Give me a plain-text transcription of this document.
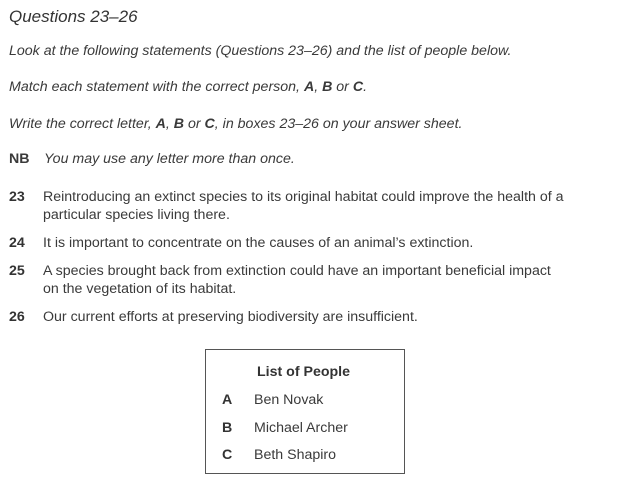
Questions 23–26
Look at the following statements (Questions 23–26) and the list of people below.
Match each statement with the correct person, A, B or C.
Write the correct letter, A, B or C, in boxes 23–26 on your answer sheet.
NB You may use any letter more than once.
23 Reintroducing an extinct species to its original habitat could improve the health of a
particular species living there.
24 It is important to concentrate on the causes of an animal’s extinction.
25 A species brought back from extinction could have an important beneficial impact
on the vegetation of its habitat.
26 Our current efforts at preserving biodiversity are insufficient.
List of People
A Ben Novak
B Michael Archer
C Beth Shapiro
